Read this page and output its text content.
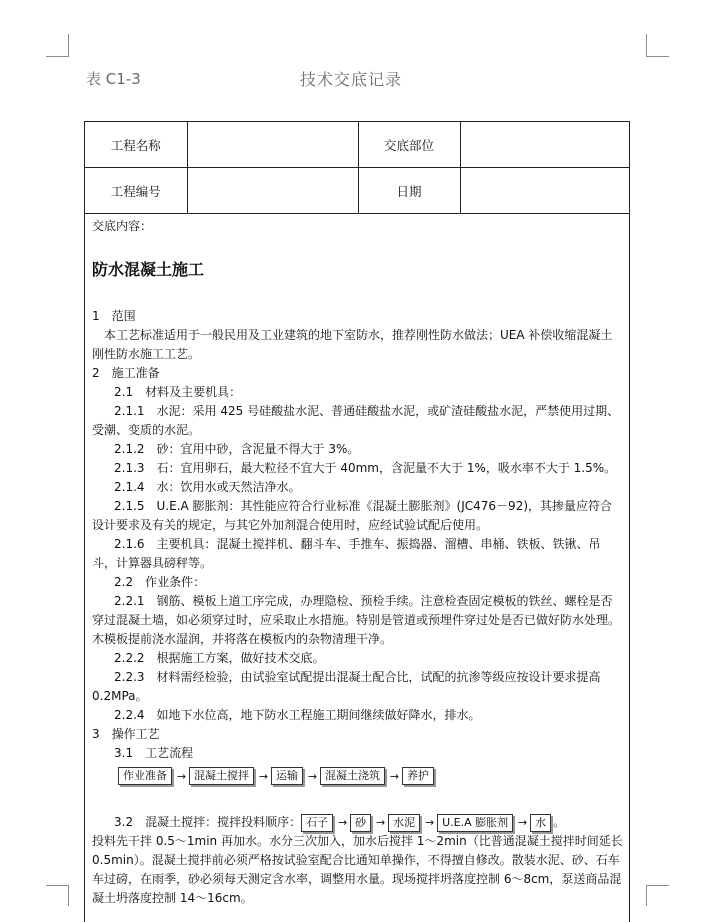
表 C1-3	技术交底记录
工程名称		交底部位	
工程编号		日期	
交底内容：
防水混凝土施工

1　范围

　本工艺标准适用于一般民用及工业建筑的地下室防水，推荐刚性防水做法；UEA 补偿收缩混凝土刚性防水施工工艺。

2　施工准备

2.1　材料及主要机具：

2.1.1　水泥：采用 425 号硅酸盐水泥、普通硅酸盐水泥，或矿渣硅酸盐水泥，严禁使用过期、受潮、变质的水泥。

2.1.2　砂：宜用中砂，含泥量不得大于 3%。

2.1.3　石：宜用卵石，最大粒径不宜大于 40mm，含泥量不大于 1%，吸水率不大于 1.5%。

2.1.4　水：饮用水或天然洁净水。

2.1.5　U.E.A 膨胀剂：其性能应符合行业标准《混凝土膨胀剂》(JC476－92)，其掺量应符合设计要求及有关的规定，与其它外加剂混合使用时，应经试验试配后使用。

2.1.6　主要机具：混凝土搅拌机、翻斗车、手推车、振捣器、溜槽、串桶、铁板、铁锹、吊斗，计算器具磅秤等。

2.2　作业条件：

2.2.1　钢筋、模板上道工序完成，办理隐检、预检手续。注意检查固定模板的铁丝、螺栓是否穿过混凝土墙，如必须穿过时，应采取止水措施。特别是管道或预埋件穿过处是否已做好防水处理。木模板提前浇水湿润，并将落在模板内的杂物清理干净。

2.2.2　根据施工方案，做好技术交底。

2.2.3　材料需经检验，由试验室试配提出混凝土配合比，试配的抗渗等级应按设计要求提高 0.2MPa。

2.2.4　如地下水位高，地下防水工程施工期间继续做好降水，排水。

3　操作工艺

3.1　工艺流程

作业准备 → 混凝土搅拌 → 运输 → 混凝土浇筑 → 养护

3.2　混凝土搅拌：搅拌投料顺序： 石子 → 砂 → 水泥 → U.E.A 膨胀剂 → 水 。

投料先干拌 0.5～1min 再加水。水分三次加入，加水后搅拌 1～2min（比普通混凝土搅拌时间延长 0.5min）。混凝土搅拌前必须严格按试验室配合比通知单操作，不得擅自修改。散装水泥、砂、石车车过磅，在雨季，砂必须每天测定含水率，调整用水量。现场搅拌坍落度控制 6～8cm，泵送商品混凝土坍落度控制 14～16cm。
